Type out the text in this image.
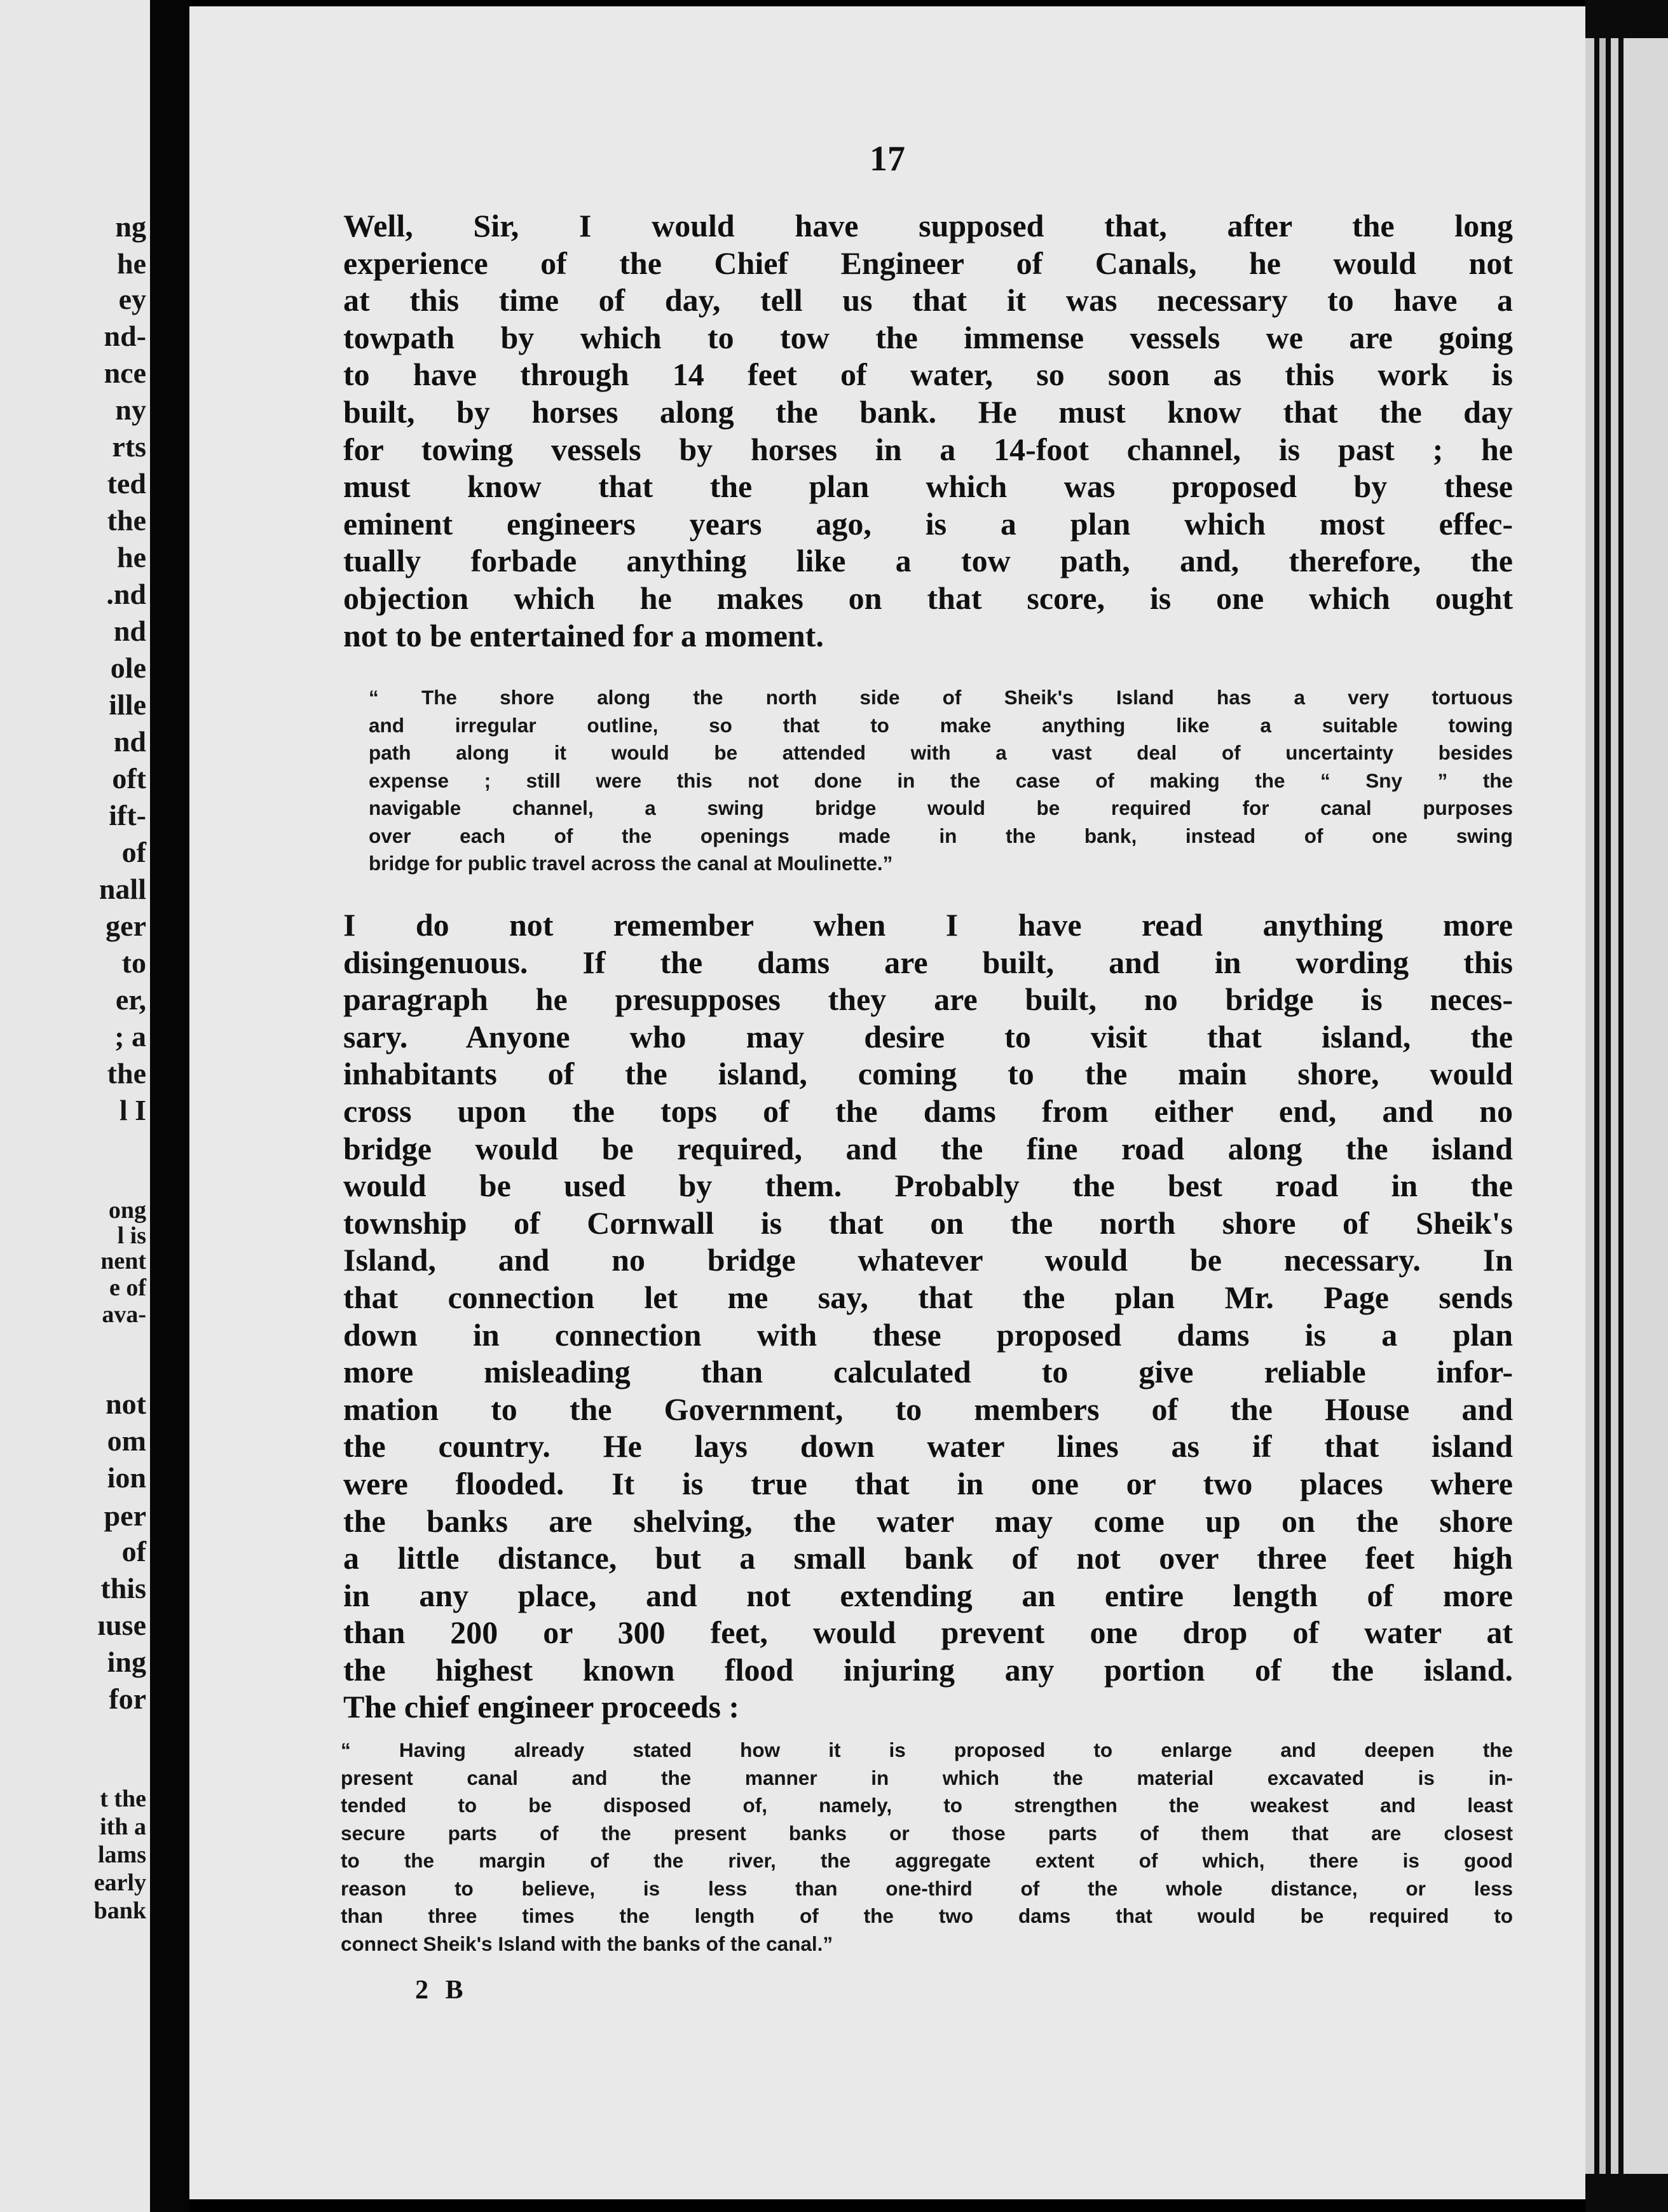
ng
he
ey
nd-
nce
ny
rts
ted
the
he
.nd
nd
ole
ille
nd
oft
ift-
of
nall
ger
to
er,
; a
the
l I
ong
l is
nent
e of
ava-
not
om
ion
per
of
this
ıuse
ing
for
t the
ith a
lams
early
bank
17
Well, Sir, I would have supposed that, after the long
experience of the Chief Engineer of Canals, he would not
at this time of day, tell us that it was necessary to have a
towpath by which to tow the immense vessels we are going
to have through 14 feet of water, so soon as this work is
built, by horses along the bank. He must know that the day
for towing vessels by horses in a 14-foot channel, is past ; he
must know that the plan which was proposed by these
eminent engineers years ago, is a plan which most effec-
tually forbade anything like a tow path, and, therefore, the
objection which he makes on that score, is one which ought
not to be entertained for a moment.
“ The shore along the north side of Sheik's Island has a very tortuous
and irregular outline, so that to make anything like a suitable towing
path along it would be attended with a vast deal of uncertainty besides
expense ; still were this not done in the case of making the “ Sny ” the
navigable channel, a swing bridge would be required for canal purposes
over each of the openings made in the bank, instead of one swing
bridge for public travel across the canal at Moulinette.”
I do not remember when I have read anything more
disingenuous. If the dams are built, and in wording this
paragraph he presupposes they are built, no bridge is neces-
sary. Anyone who may desire to visit that island, the
inhabitants of the island, coming to the main shore, would
cross upon the tops of the dams from either end, and no
bridge would be required, and the fine road along the island
would be used by them. Probably the best road in the
township of Cornwall is that on the north shore of Sheik's
Island, and no bridge whatever would be necessary. In
that connection let me say, that the plan Mr. Page sends
down in connection with these proposed dams is a plan
more misleading than calculated to give reliable infor-
mation to the Government, to members of the House and
the country. He lays down water lines as if that island
were flooded. It is true that in one or two places where
the banks are shelving, the water may come up on the shore
a little distance, but a small bank of not over three feet high
in any place, and not extending an entire length of more
than 200 or 300 feet, would prevent one drop of water at
the highest known flood injuring any portion of the island.
The chief engineer proceeds :
“ Having already stated how it is proposed to enlarge and deepen the
present canal and the manner in which the material excavated is in-
tended to be disposed of, namely, to strengthen the weakest and least
secure parts of the present banks or those parts of them that are closest
to the margin of the river, the aggregate extent of which, there is good
reason to believe, is less than one-third of the whole distance, or less
than three times the length of the two dams that would be required to
connect Sheik's Island with the banks of the canal.”
2 B
